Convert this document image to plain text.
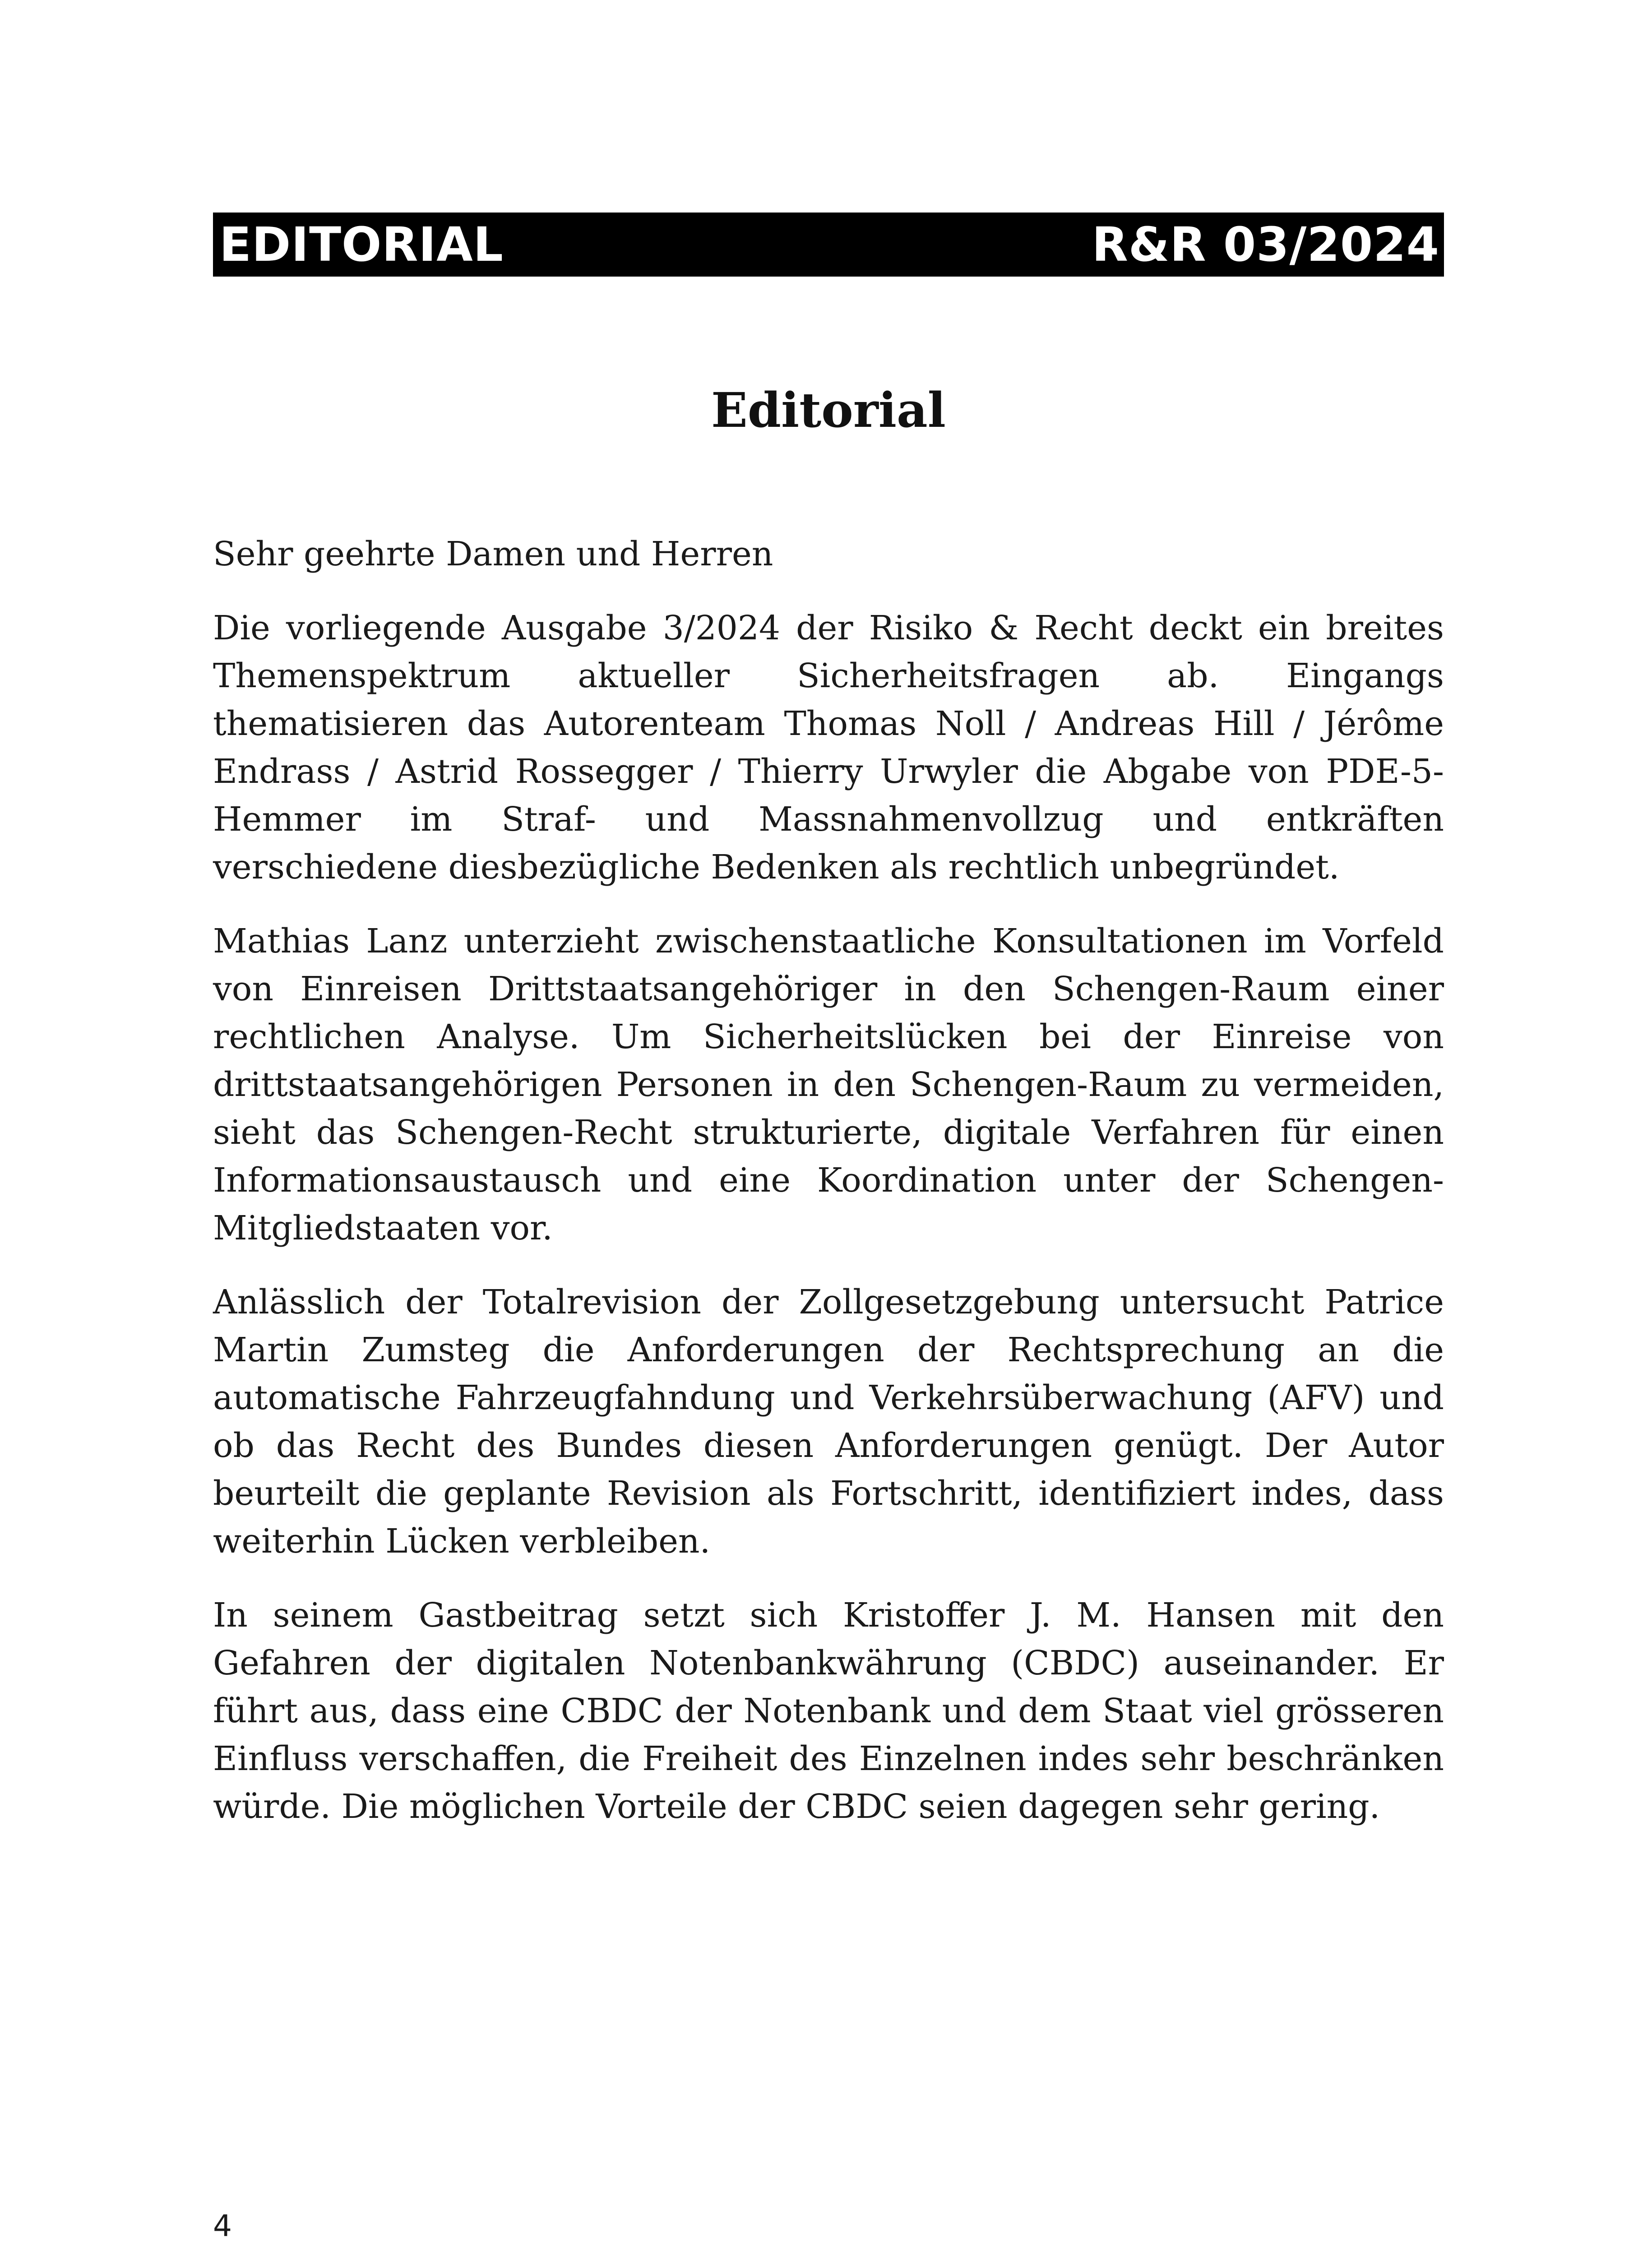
EDITORIAL	R&R 03/2024
Editorial

Sehr geehrte Damen und Herren

Die vorliegende Ausgabe 3/2024 der Risiko & Recht deckt ein breites Themenspektrum aktueller Sicherheitsfragen ab. Eingangs thematisieren das Autorenteam Thomas Noll / Andreas Hill / Jérôme Endrass / Astrid Rossegger / Thierry Urwyler die Abgabe von PDE-5-Hemmer im Straf- und Massnahmenvollzug und entkräften verschiedene diesbezügliche Bedenken als rechtlich unbegründet.

Mathias Lanz unterzieht zwischenstaatliche Konsultationen im Vorfeld von Einreisen Drittstaatsangehöriger in den Schengen-Raum einer rechtlichen Analyse. Um Sicherheitslücken bei der Einreise von drittstaatsangehörigen Personen in den Schengen-Raum zu vermeiden, sieht das Schengen-Recht strukturierte, digitale Verfahren für einen Informationsaustausch und eine Koordination unter der Schengen-Mitgliedstaaten vor.

Anlässlich der Totalrevision der Zollgesetzgebung untersucht Patrice Martin Zumsteg die Anforderungen der Rechtsprechung an die automatische Fahrzeugfahndung und Verkehrsüberwachung (AFV) und ob das Recht des Bundes diesen Anforderungen genügt. Der Autor beurteilt die geplante Revision als Fortschritt, identifiziert indes, dass weiterhin Lücken verbleiben.

In seinem Gastbeitrag setzt sich Kristoffer J. M. Hansen mit den Gefahren der digitalen Notenbankwährung (CBDC) auseinander. Er führt aus, dass eine CBDC der Notenbank und dem Staat viel grösseren Einfluss verschaffen, die Freiheit des Einzelnen indes sehr beschränken würde. Die möglichen Vorteile der CBDC seien dagegen sehr gering.

4
